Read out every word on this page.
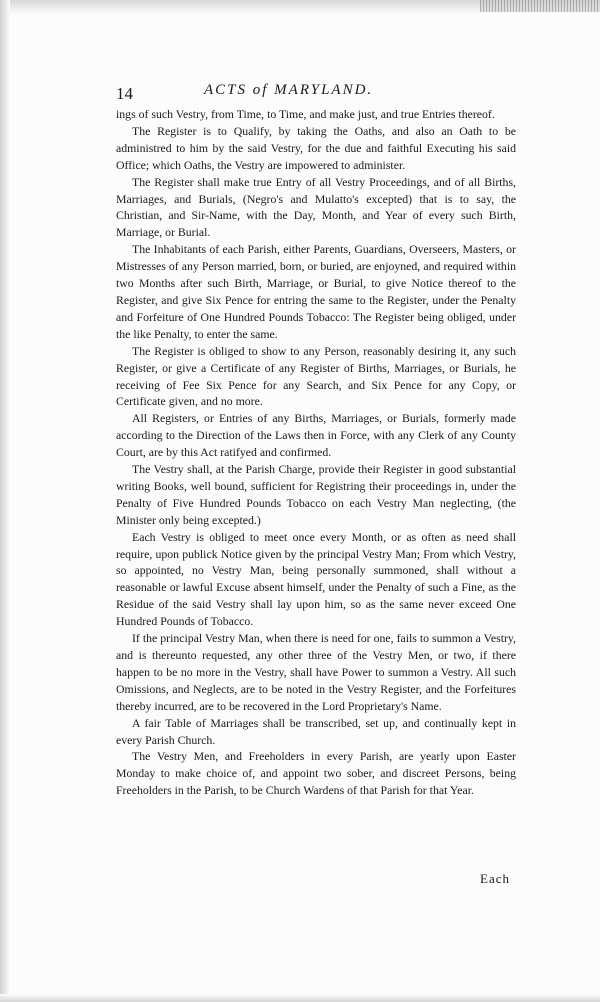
14	ACTS of MARYLAND.

ings of such Vestry, from Time, to Time, and make just, and true Entries thereof.

The Register is to Qualify, by taking the Oaths, and also an Oath to be administred to him by the said Vestry, for the due and faithful Executing his said Office; which Oaths, the Vestry are impowered to administer.

The Register shall make true Entry of all Vestry Proceedings, and of all Births, Marriages, and Burials, (Negro's and Mulatto's excepted) that is to say, the Christian, and Sir-Name, with the Day, Month, and Year of every such Birth, Marriage, or Burial.

The Inhabitants of each Parish, either Parents, Guardians, Overseers, Masters, or Mistresses of any Person married, born, or buried, are enjoyned, and required within two Months after such Birth, Marriage, or Burial, to give Notice thereof to the Register, and give Six Pence for entring the same to the Register, under the Penalty and Forfeiture of One Hundred Pounds Tobacco: The Register being obliged, under the like Penalty, to enter the same.

The Register is obliged to show to any Person, reasonably desiring it, any such Register, or give a Certificate of any Register of Births, Marriages, or Burials, he receiving of Fee Six Pence for any Search, and Six Pence for any Copy, or Certificate given, and no more.

All Registers, or Entries of any Births, Marriages, or Burials, formerly made according to the Direction of the Laws then in Force, with any Clerk of any County Court, are by this Act ratifyed and confirmed.

The Vestry shall, at the Parish Charge, provide their Register in good substantial writing Books, well bound, sufficient for Registring their proceedings in, under the Penalty of Five Hundred Pounds Tobacco on each Vestry Man neglecting, (the Minister only being excepted.)

Each Vestry is obliged to meet once every Month, or as often as need shall require, upon publick Notice given by the principal Vestry Man; From which Vestry, so appointed, no Vestry Man, being personally summoned, shall without a reasonable or lawful Excuse absent himself, under the Penalty of such a Fine, as the Residue of the said Vestry shall lay upon him, so as the same never exceed One Hundred Pounds of Tobacco.

If the principal Vestry Man, when there is need for one, fails to summon a Vestry, and is thereunto requested, any other three of the Vestry Men, or two, if there happen to be no more in the Vestry, shall have Power to summon a Vestry. All such Omissions, and Neglects, are to be noted in the Vestry Register, and the Forfeitures thereby incurred, are to be recovered in the Lord Proprietary's Name.

A fair Table of Marriages shall be transcribed, set up, and continually kept in every Parish Church.

The Vestry Men, and Freeholders in every Parish, are yearly upon Easter Monday to make choice of, and appoint two sober, and discreet Persons, being Freeholders in the Parish, to be Church Wardens of that Parish for that Year.

Each
